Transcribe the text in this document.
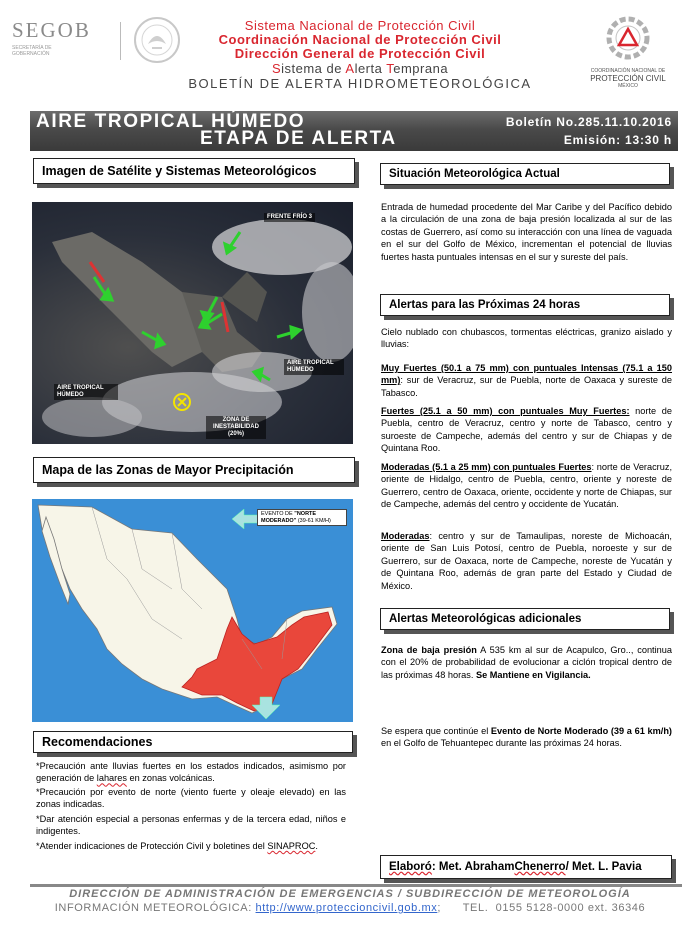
SEGOB
SECRETARÍA DE
GOBERNACIÓN
Sistema Nacional de Protección Civil
Coordinación Nacional de Protección Civil
Dirección General de Protección Civil
Sistema de Alerta Temprana
BOLETÍN DE ALERTA HIDROMETEOROLÓGICA
COORDINACIÓN NACIONAL DE
PROTECCIÓN CIVIL
MÉXICO
AIRE TROPICAL HÚMEDO
ETAPA DE ALERTA
Boletín No.285.11.10.2016
Emisión: 13:30 h
Imagen de Satélite y Sistemas Meteorológicos
FRENTE FRÍO 3
AIRE TROPICAL HÚMEDO
AIRE TROPICAL HÚMEDO
ZONA DE INESTABILIDAD (20%)
Mapa de las Zonas de Mayor Precipitación
EVENTO DE "NORTE MODERADO" (39-61 KM/H)
Recomendaciones
*Precaución ante lluvias fuertes en los estados indicados, asimismo por generación de lahares en zonas volcánicas.
*Precaución por evento de norte (viento fuerte y oleaje elevado) en las zonas indicadas.
*Dar atención especial a personas enfermas y de la tercera edad, niños e indigentes.
*Atender indicaciones de Protección Civil y boletines del SINAPROC.
Situación Meteorológica Actual
Entrada de humedad procedente del Mar Caribe y del Pacífico debido a la circulación de una zona de baja presión localizada al sur de las costas de Guerrero, así como su interacción con una línea de vaguada en el sur del Golfo de México, incrementan el potencial de lluvias fuertes hasta puntuales intensas en el sur y sureste del país.
Alertas para las Próximas 24 horas
Cielo nublado con chubascos, tormentas eléctricas, granizo aislado y lluvias:
Muy Fuertes (50.1 a 75 mm) con puntuales Intensas (75.1 a 150 mm): sur de Veracruz, sur de Puebla, norte de Oaxaca y sureste de Tabasco.
Fuertes (25.1 a 50 mm) con puntuales Muy Fuertes: norte de Puebla, centro de Veracruz, centro y norte de Tabasco, centro y suroeste de Campeche, además del centro y sur de Chiapas y de Quintana Roo.
Moderadas (5.1 a 25 mm) con puntuales Fuertes: norte de Veracruz, oriente de Hidalgo, centro de Puebla, centro, oriente y noreste de Guerrero, centro de Oaxaca, oriente, occidente y norte de Chiapas, sur de Campeche, además del centro y occidente de Yucatán.
Moderadas: centro y sur de Tamaulipas, noreste de Michoacán, oriente de San Luis Potosí, centro de Puebla, noroeste y sur de Guerrero, sur de Oaxaca, norte de Campeche, noreste de Yucatán y de Quintana Roo, además de gran parte del Estado y Ciudad de México.
Alertas Meteorológicas adicionales
Zona de baja presión A 535 km al sur de Acapulco, Gro.., continua con el 20% de probabilidad de evolucionar a ciclón tropical dentro de las próximas 48 horas. Se Mantiene en Vigilancia.
Se espera que continúe el Evento de Norte Moderado (39 a 61 km/h) en el Golfo de Tehuantepec durante las próximas 24 horas.
Elaboró : Met. Abraham Chenerro / Met. L. Pavia
DIRECCIÓN DE ADMINISTRACIÓN DE EMERGENCIAS / SUBDIRECCIÓN DE METEOROLOGÍA
INFORMACIÓN METEOROLÓGICA: http://www.proteccioncivil.gob.mx;      TEL.  0155 5128-0000 ext. 36346
